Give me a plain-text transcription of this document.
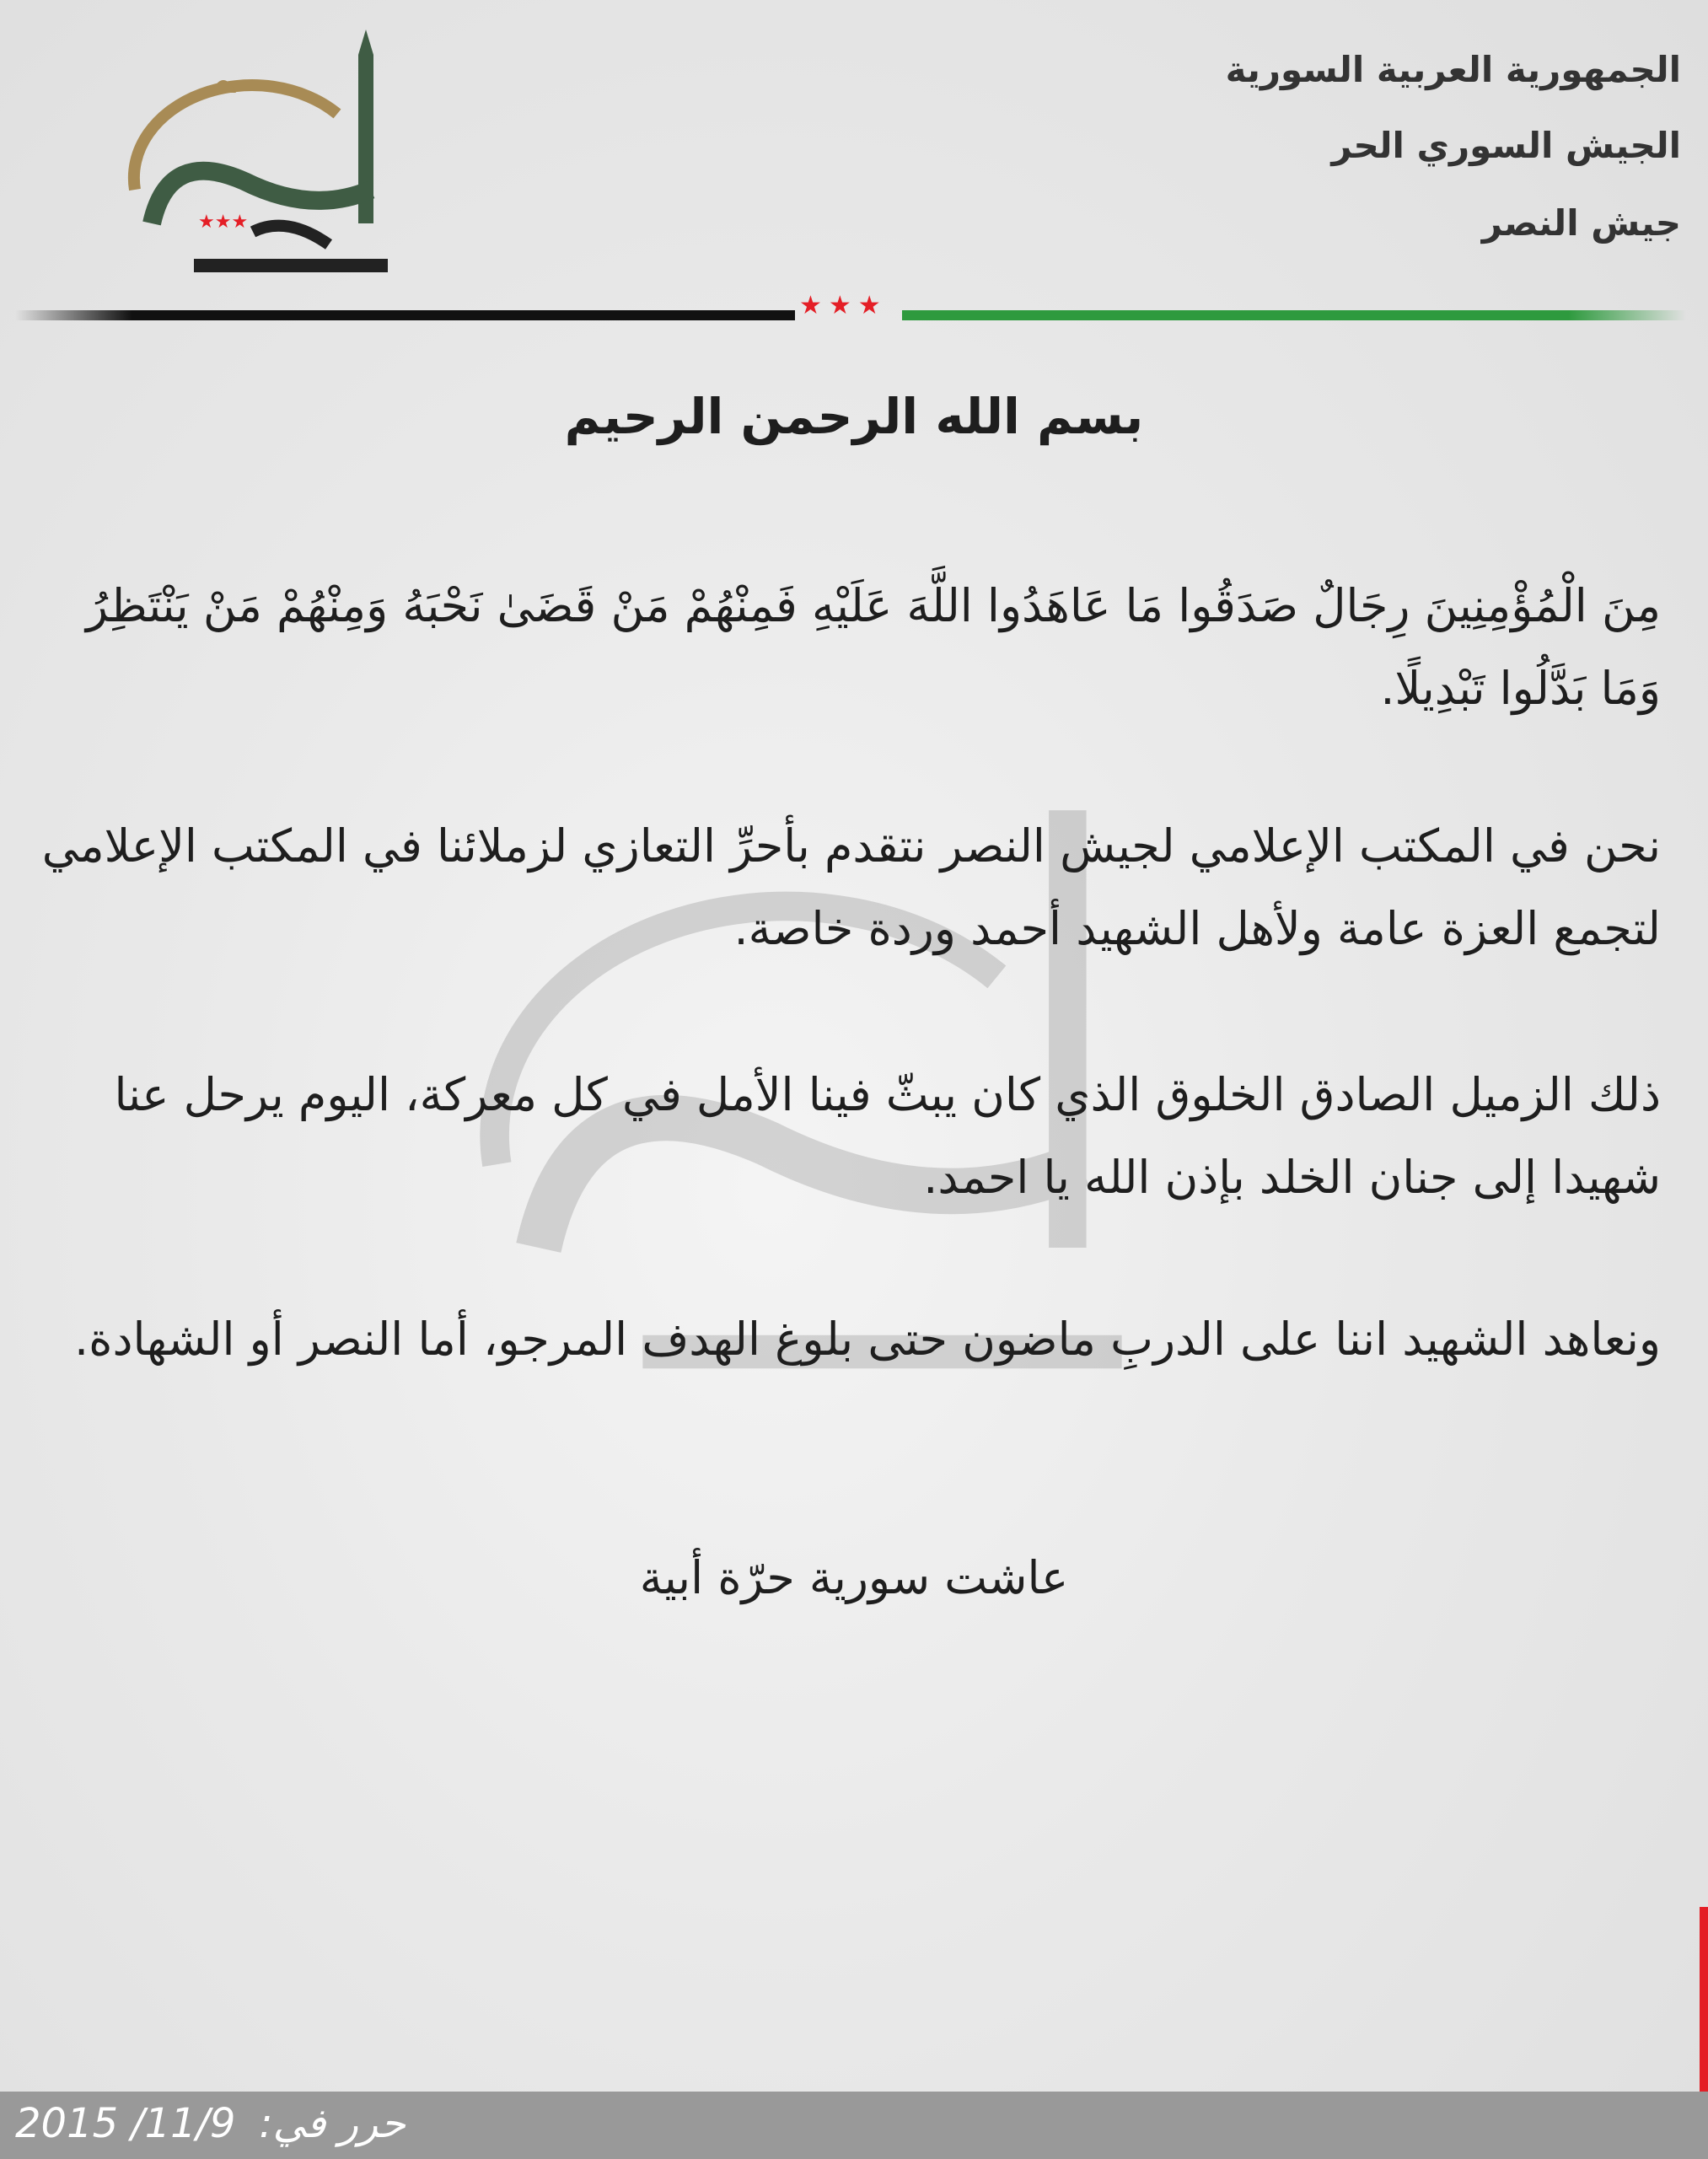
الجمهورية العربية السورية
الجيش السوري الحر
جيش النصر
★★★
★★★
بسم الله الرحمن الرحيم
مِنَ الْمُؤْمِنِينَ رِجَالٌ صَدَقُوا مَا عَاهَدُوا اللَّهَ عَلَيْهِ فَمِنْهُمْ مَنْ قَضَىٰ نَحْبَهُ وَمِنْهُمْ مَنْ يَنْتَظِرُ وَمَا بَدَّلُوا تَبْدِيلًا.
نحن في المكتب الإعلامي لجيش النصر نتقدم بأحرِّ التعازي لزملائنا في المكتب الإعلامي لتجمع العزة عامة ولأهل الشهيد أحمد وردة خاصة.
ذلك الزميل الصادق الخلوق الذي كان يبثّ فينا الأمل في كل معركة، اليوم يرحل عنا شهيدا إلى جنان الخلد بإذن الله يا احمد.
ونعاهد الشهيد اننا على الدربِ ماضون حتى بلوغ الهدف المرجو، أما النصر أو الشهادة.
عاشت سورية حرّة أبية
2015 /11/9 حرر في:
